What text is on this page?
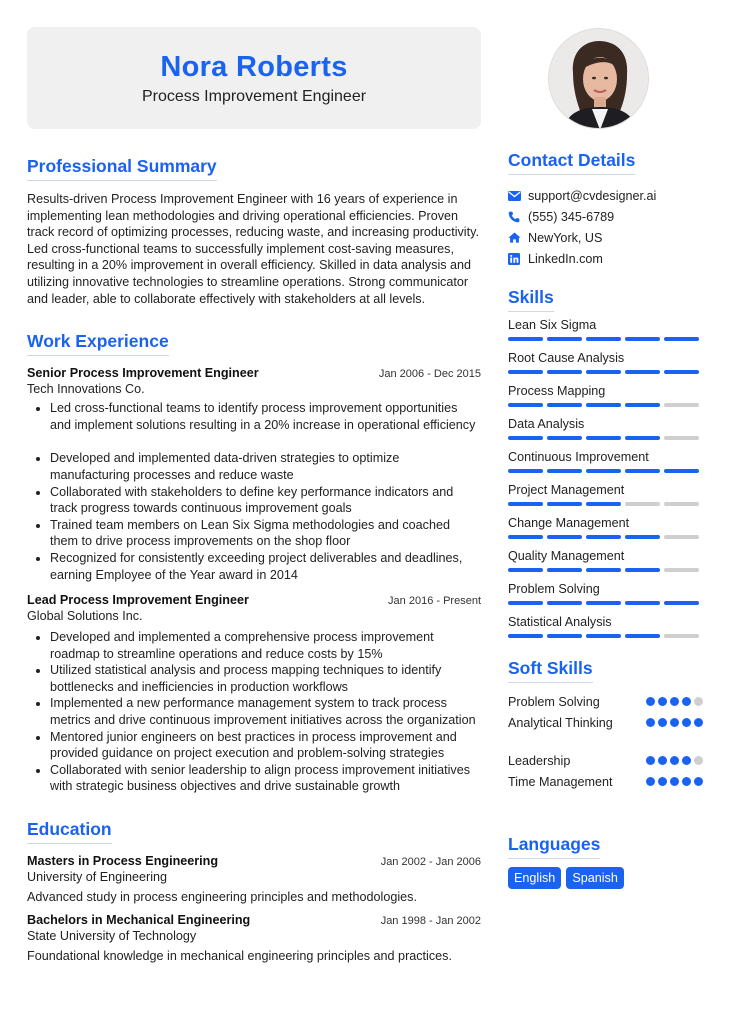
Nora Roberts
Process Improvement Engineer
Professional Summary

Results-driven Process Improvement Engineer with 16 years of experience in implementing lean methodologies and driving operational efficiencies. Proven track record of optimizing processes, reducing waste, and increasing productivity. Led cross-functional teams to successfully implement cost-saving measures, resulting in a 20% improvement in overall efficiency. Skilled in data analysis and utilizing innovative technologies to streamline operations. Strong communicator and leader, able to collaborate effectively with stakeholders at all levels.

Work Experience
Senior Process Improvement Engineer	Jan 2006 - Dec 2015
Tech Innovations Co.
Led cross-functional teams to identify process improvement opportunities and implement solutions resulting in a 20% increase in operational efficiency
Developed and implemented data-driven strategies to optimize manufacturing processes and reduce waste
Collaborated with stakeholders to define key performance indicators and track progress towards continuous improvement goals
Trained team members on Lean Six Sigma methodologies and coached them to drive process improvements on the shop floor
Recognized for consistently exceeding project deliverables and deadlines, earning Employee of the Year award in 2014
Lead Process Improvement Engineer	Jan 2016 - Present
Global Solutions Inc.
Developed and implemented a comprehensive process improvement roadmap to streamline operations and reduce costs by 15%
Utilized statistical analysis and process mapping techniques to identify bottlenecks and inefficiencies in production workflows
Implemented a new performance management system to track process metrics and drive continuous improvement initiatives across the organization
Mentored junior engineers on best practices in process improvement and provided guidance on project execution and problem-solving strategies
Collaborated with senior leadership to align process improvement initiatives with strategic business objectives and drive sustainable growth
Education
Masters in Process Engineering	Jan 2002 - Jan 2006
University of Engineering
Advanced study in process engineering principles and methodologies.
Bachelors in Mechanical Engineering	Jan 1998 - Jan 2002
State University of Technology
Foundational knowledge in mechanical engineering principles and practices.
Contact Details
support@cvdesigner.ai
(555) 345-6789
NewYork, US
LinkedIn.com
Skills
Lean Six Sigma
Root Cause Analysis
Process Mapping
Data Analysis
Continuous Improvement
Project Management
Change Management
Quality Management
Problem Solving
Statistical Analysis
Soft Skills
Problem Solving
Analytical Thinking
Leadership
Time Management
Languages
English	Spanish
